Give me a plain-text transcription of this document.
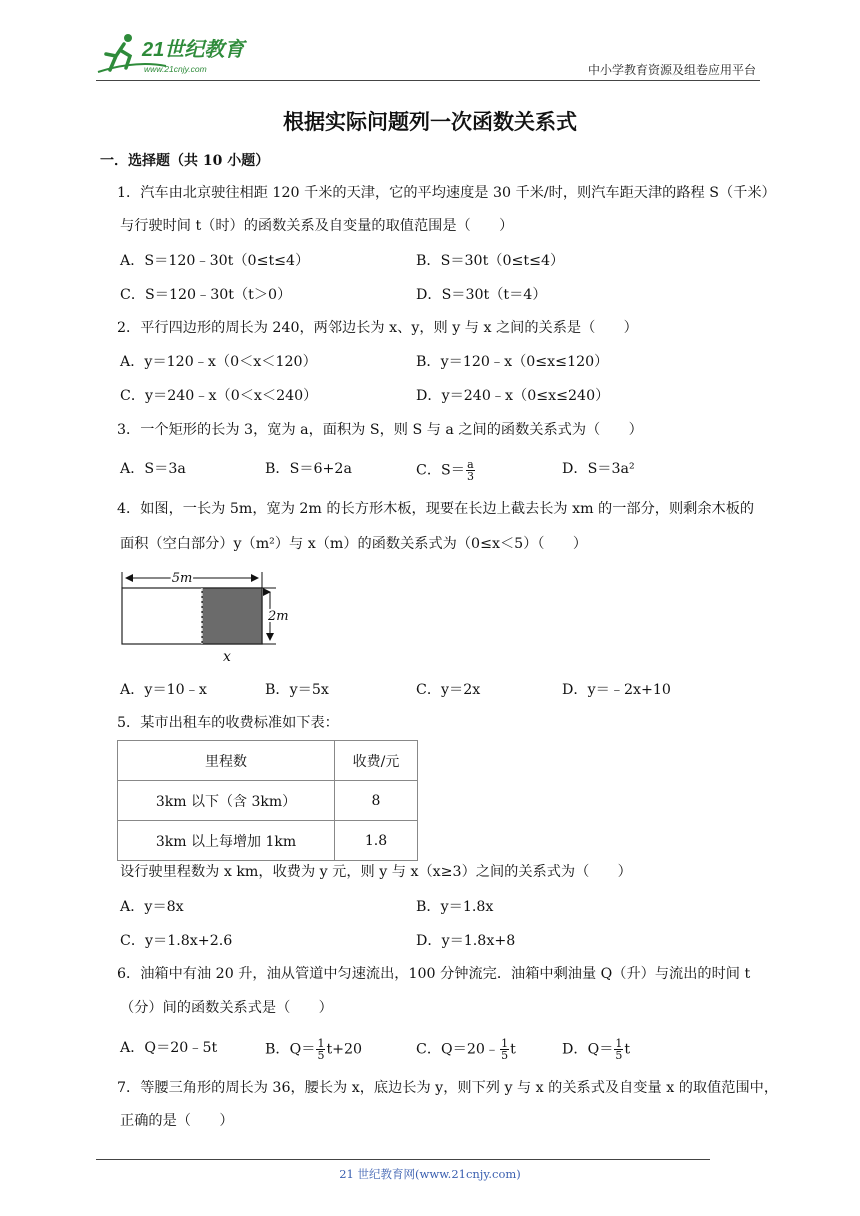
21世纪教育
www.21cnjy.com	中小学教育资源及组卷应用平台
根据实际问题列一次函数关系式
一．选择题（共 10 小题）
1．汽车由北京驶往相距 120 千米的天津，它的平均速度是 30 千米/时，则汽车距天津的路程 S（千米）
与行驶时间 t（时）的函数关系及自变量的取值范围是（　　）
A．S＝120﹣30t（0≤t≤4）	B．S＝30t（0≤t≤4）
C．S＝120﹣30t（t＞0）	D．S＝30t（t＝4）
2．平行四边形的周长为 240，两邻边长为 x、y，则 y 与 x 之间的关系是（　　）
A．y＝120﹣x（0＜x＜120）	B．y＝120﹣x（0≤x≤120）
C．y＝240﹣x（0＜x＜240）	D．y＝240﹣x（0≤x≤240）
3．一个矩形的长为 3，宽为 a，面积为 S，则 S 与 a 之间的函数关系式为（　　）
A．S＝3a	B．S＝6+2a	C．$S= \frac{a}{3}$	D．S＝3a²
4．如图，一长为 5m，宽为 2m 的长方形木板，现要在长边上截去长为 xm 的一部分，则剩余木板的
面积（空白部分）y（m²）与 x（m）的函数关系式为（0≤x＜5）（　　）
5m
2m
x
A．y＝10﹣x	B．y＝5x	C．y＝2x	D．y＝﹣2x+10
5．某市出租车的收费标准如下表：
里程数	收费/元
3km 以下（含 3km）	8
3km 以上每增加 1km	1.8
设行驶里程数为 x km，收费为 y 元，则 y 与 x（x≥3）之间的关系式为（　　）
A．y＝8x	B．y＝1.8x
C．y＝1.8x+2.6	D．y＝1.8x+8
6．油箱中有油 20 升，油从管道中匀速流出，100 分钟流完．油箱中剩油量 Q（升）与流出的时间 t
（分）间的函数关系式是（　　）
A．Q＝20﹣5t	B．$Q= \frac{1}{5} t+20$	C．Q＝20﹣ $\frac{1}{5}$ t	D．$Q= \frac{1}{5}$ t
7．等腰三角形的周长为 36，腰长为 x，底边长为 y，则下列 y 与 x 的关系式及自变量 x 的取值范围中，
正确的是（　　）
21 世纪教育网(www.21cnjy.com)
